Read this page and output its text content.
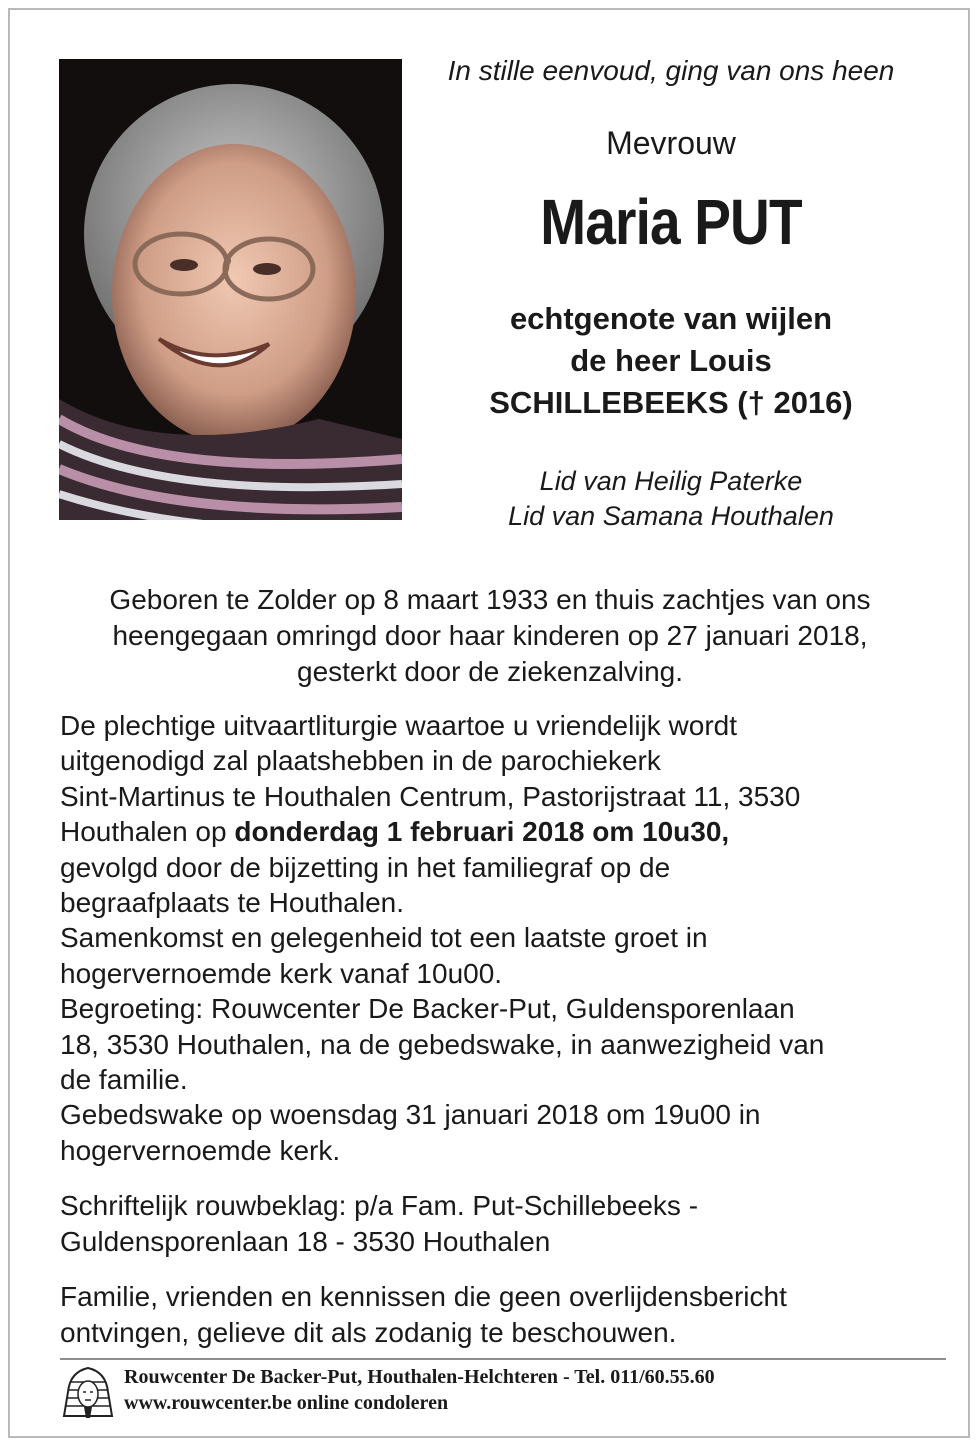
In stille eenvoud, ging van ons heen

Mevrouw

Maria PUT

echtgenote van wijlen
de heer Louis
SCHILLEBEEKS († 2016)
Lid van Heilig Paterke
Lid van Samana Houthalen
Geboren te Zolder op 8 maart 1933 en thuis zachtjes van ons
heengegaan omringd door haar kinderen op 27 januari 2018,
gesterkt door de ziekenzalving.

De plechtige uitvaartliturgie waartoe u vriendelijk wordt

uitgenodigd zal plaatshebben in de parochiekerk

Sint-Martinus te Houthalen Centrum, Pastorijstraat 11, 3530

Houthalen op donderdag 1 februari 2018 om 10u30,

gevolgd door de bijzetting in het familiegraf op de

begraafplaats te Houthalen.

Samenkomst en gelegenheid tot een laatste groet in

hogervernoemde kerk vanaf 10u00.

Begroeting: Rouwcenter De Backer-Put, Guldensporenlaan

18, 3530 Houthalen, na de gebedswake, in aanwezigheid van

de familie.

Gebedswake op woensdag 31 januari 2018 om 19u00 in

hogervernoemde kerk.

Schriftelijk rouwbeklag: p/a Fam. Put-Schillebeeks -

Guldensporenlaan 18 - 3530 Houthalen

Familie, vrienden en kennissen die geen overlijdensbericht

ontvingen, gelieve dit als zodanig te beschouwen.

Rouwcenter De Backer-Put, Houthalen-Helchteren - Tel. 011/60.55.60

www.rouwcenter.be online condoleren
